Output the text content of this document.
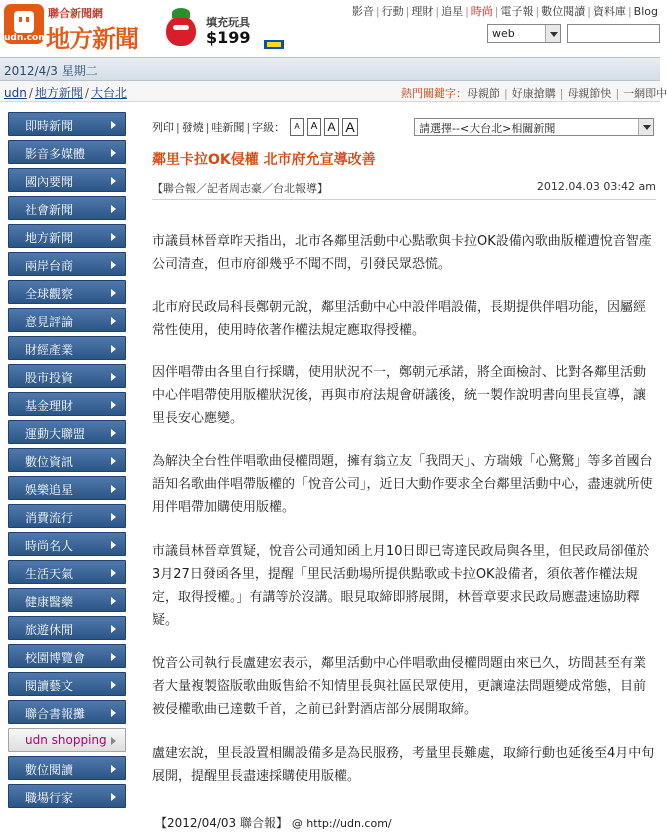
udn.com
聯合新聞網
地方新聞
填充玩具
$199
影音 | 行動 | 理財 | 追星 | 時尚 | 電子報 | 數位閱讀 | 資料庫 | Blog
web
2012/4/3 星期二
udn / 地方新聞 / 大台北	熱門關鍵字：母親節 | 好康搶購 | 母親節快 | 一網即中
即時新聞
影音多媒體
國內要聞
社會新聞
地方新聞
兩岸台商
全球觀察
意見評論
財經產業
股市投資
基金理財
運動大聯盟
數位資訊
娛樂追星
消費流行
時尚名人
生活天氣
健康醫藥
旅遊休閒
校園博覽會
閱讀藝文
聯合書報攤
udn shopping
數位閱讀
職場行家
列印 | 發燒 | 哇新聞 | 字級：	A	A A A	請選擇--<大台北>相關新聞
鄰里卡拉OK侵權 北市府允宣導改善
【聯合報／記者周志豪／台北報導】	2012.04.03 03:42 am

市議員林晉章昨天指出，北市各鄰里活動中心點歌與卡拉OK設備內歌曲版權遭悅音智產公司清查，但市府卻幾乎不聞不問，引發民眾恐慌。

北市府民政局科長鄭朝元說，鄰里活動中心中設伴唱設備，長期提供伴唱功能，因屬經常性使用，使用時依著作權法規定應取得授權。

因伴唱帶由各里自行採購，使用狀況不一，鄭朝元承諾，將全面檢討、比對各鄰里活動中心伴唱帶使用版權狀況後，再與市府法規會研議後，統一製作說明書向里長宣導，讓里長安心應變。

為解決全台性伴唱歌曲侵權問題，擁有翁立友「我問天」、方瑞娥「心驚驚」等多首國台語知名歌曲伴唱帶版權的「悅音公司」，近日大動作要求全台鄰里活動中心，盡速就所使用伴唱帶加購使用版權。

市議員林晉章質疑，悅音公司通知函上月10日即已寄達民政局與各里，但民政局卻僅於3月27日發函各里，提醒「里民活動場所提供點歌或卡拉OK設備者，須依著作權法規定，取得授權。」有講等於沒講。眼見取締即將展開，林晉章要求民政局應盡速協助釋疑。

悅音公司執行長盧建宏表示，鄰里活動中心伴唱歌曲侵權問題由來已久，坊間甚至有業者大量複製盜版歌曲販售給不知情里長與社區民眾使用，更讓違法問題變成常態，目前被侵權歌曲已達數千首，之前已針對酒店部分展開取締。

盧建宏說，里長設置相關設備多是為民服務，考量里長難處，取締行動也延後至4月中旬展開，提醒里長盡速採購使用版權。

【2012/04/03 聯合報】 @ http://udn.com/
